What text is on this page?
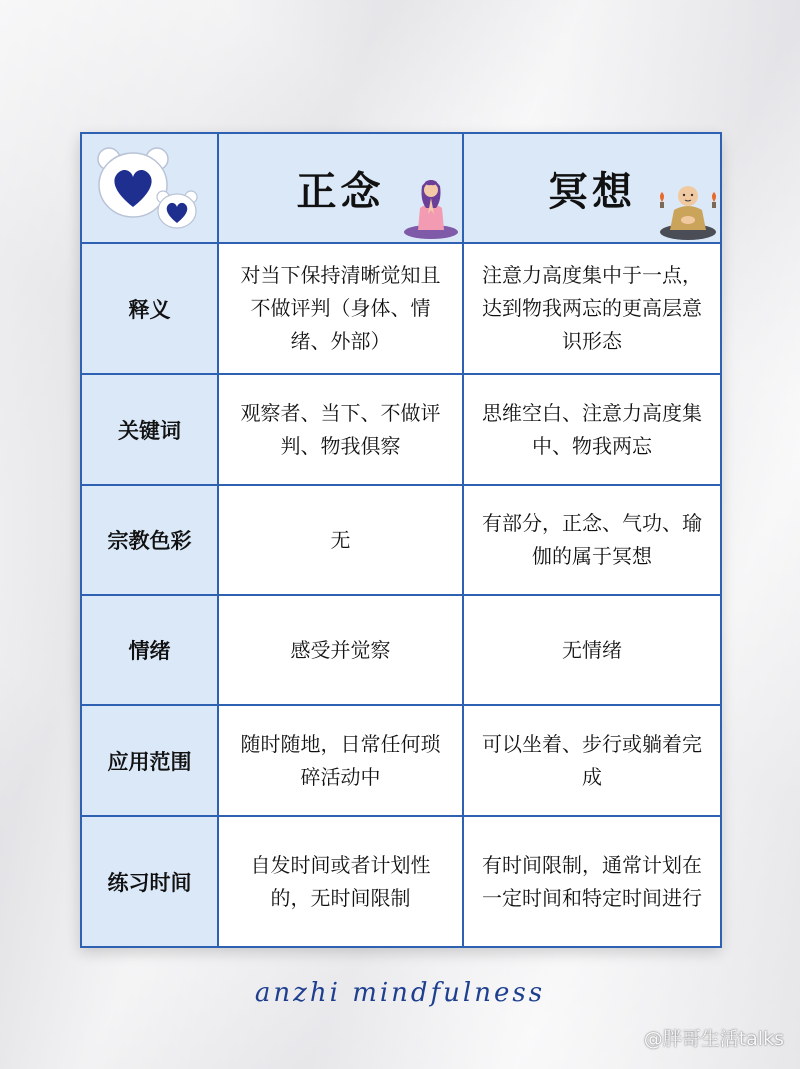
	正念	冥想

释义	对当下保持清晰觉知且不做评判（身体、情绪、外部）	注意力高度集中于一点，达到物我两忘的更高层意识形态
关键词	观察者、当下、不做评判、物我俱察	思维空白、注意力高度集中、物我两忘
宗教色彩	无	有部分，正念、气功、瑜伽的属于冥想
情绪	感受并觉察	无情绪
应用范围	随时随地，日常任何琐碎活动中	可以坐着、步行或躺着完成
练习时间	自发时间或者计划性的，无时间限制	有时间限制，通常计划在一定时间和特定时间进行
anzhi mindfulness
@胖哥生活talks
